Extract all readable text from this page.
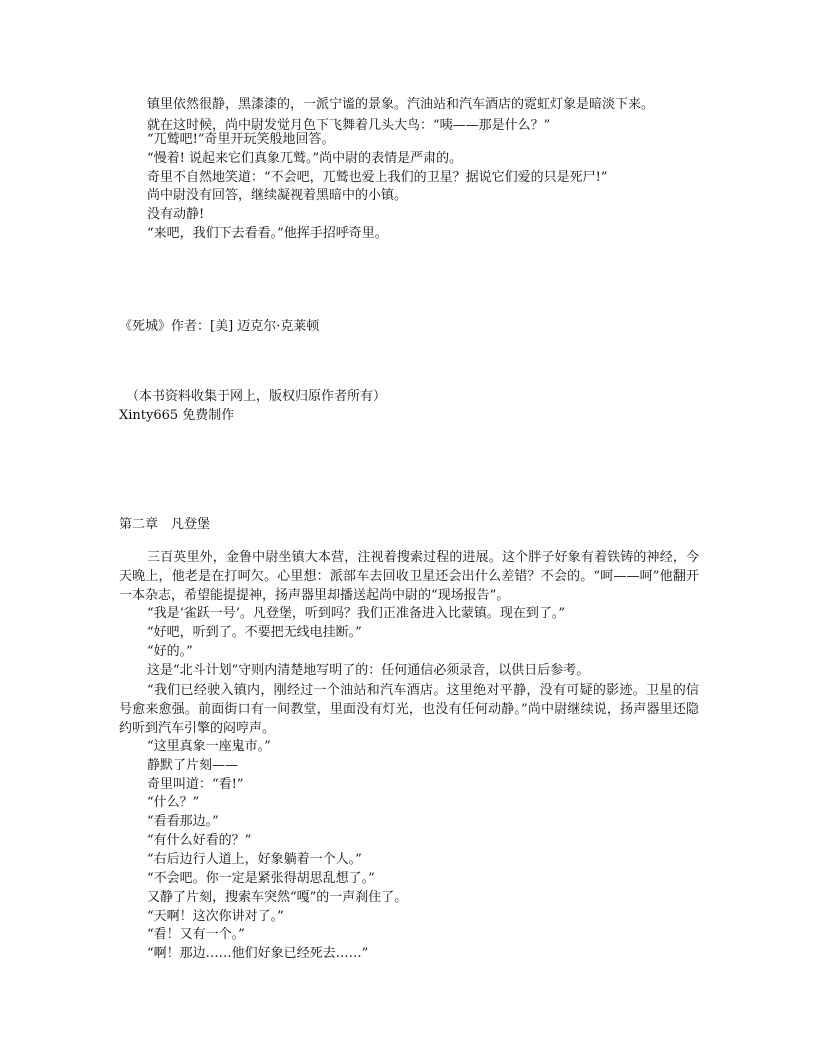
镇里依然很静，黑漆漆的，一派宁谧的景象。汽油站和汽车酒店的霓虹灯象是暗淡下来。
就在这时候，尚中尉发觉月色下飞舞着几头大鸟：“咦——那是什么？”
“兀鹫吧!”奇里开玩笑般地回答。
“慢着! 说起来它们真象兀鹫。”尚中尉的表情是严肃的。
奇里不自然地笑道：“不会吧，兀鹫也爱上我们的卫星？据说它们爱的只是死尸!”
尚中尉没有回答，继续凝视着黑暗中的小镇。
没有动静!
“来吧，我们下去看看。”他挥手招呼奇里。
《死城》作者：[美] 迈克尔·克莱顿
（本书资料收集于网上，版权归原作者所有）
Xinty665 免费制作
第二章　凡登堡
三百英里外，金鲁中尉坐镇大本营，注视着搜索过程的进展。这个胖子好象有着铁铸的神经，今天晚上，他老是在打呵欠。心里想：派部车去回收卫星还会出什么差错？不会的。“呵——呵”他翻开一本杂志，希望能提提神，扬声器里却播送起尚中尉的“现场报告”。
“我是‘雀跃一号’。凡登堡，听到吗？我们正准备进入比蒙镇。现在到了。”
“好吧，听到了。不要把无线电挂断。”
“好的。”
这是“北斗计划”守则内清楚地写明了的：任何通信必须录音，以供日后参考。
“我们已经驶入镇内，刚经过一个油站和汽车酒店。这里绝对平静，没有可疑的影迹。卫星的信号愈来愈强。前面街口有一间教堂，里面没有灯光，也没有任何动静。”尚中尉继续说，扬声器里还隐约听到汽车引擎的闷哼声。
“这里真象一座鬼市。”
静默了片刻——
奇里叫道：“看!”
“什么？”
“看看那边。”
“有什么好看的？”
“右后边行人道上，好象躺着一个人。”
“不会吧。你一定是紧张得胡思乱想了。”
又静了片刻，搜索车突然“嘎”的一声刹住了。
“天啊！这次你讲对了。”
“看！又有一个。”
“啊！那边……他们好象已经死去……”
